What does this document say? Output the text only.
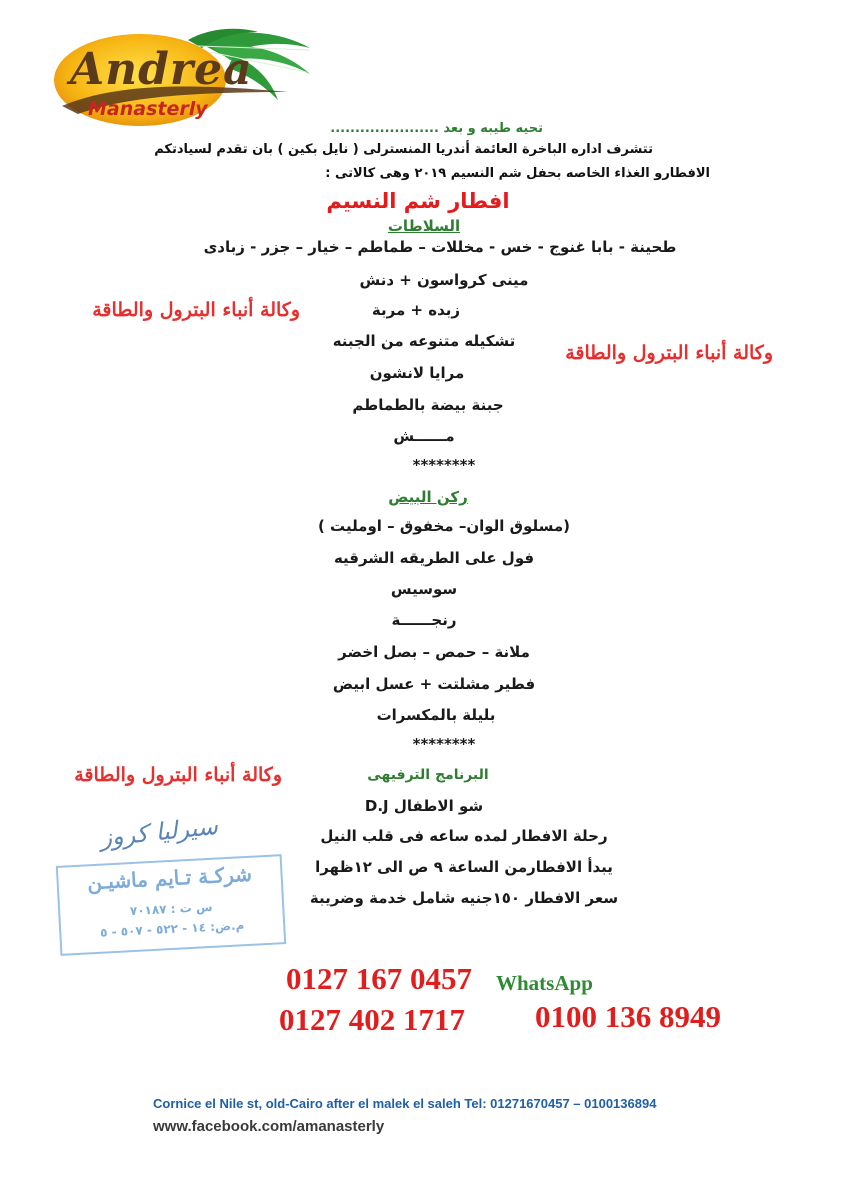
Andrea
Manasterly
تحيه طيبه و بعد ......................
تتشرف اداره الباخرة العائمة أندريا المنسترلى ( نايل بكين ) بان تقدم لسيادتكم
الافطارو الغذاء الخاصه بحفل شم النسيم ٢٠١٩ وهى كالاتى :
افطار شم النسيم
السلاطات
طحينة - بابا غنوج - خس - مخللات – طماطم – خيار – جزر - زبادى
مينى كرواسون + دنش
زبده + مربة
تشكيله متنوعه من الجبنه
مرايا لانشون
جبنة بيضة بالطماطم
مــــــش
********
ركن البيض
(مسلوق الوان– مخفوق – اومليت )
فول على الطريقه الشرقيه
سوسيس
رنجــــــة
ملانة – حمص – بصل اخضر
فطير مشلتت + عسل ابيض
بليلة بالمكسرات
********
البرنامج الترفيهى
شو الاطفال D.J
رحلة الافطار لمده ساعه فى قلب النيل
يبدأ الافطارمن الساعة ٩ ص الى ١٢ظهرا
سعر الافطار ١٥٠جنيه شامل خدمة وضريبة
وكالة أنباء البترول والطاقة
وكالة أنباء البترول والطاقة
وكالة أنباء البترول والطاقة
شركـة تـايم ماشيـن
س ت : ٧٠١٨٧
م.ض: ١٤ - ٥٢٢ - ٥٠٧ - ٥
سيرليا كروز
0127 167 0457 WhatsApp
0127 402 1717 0100 136 8949
Cornice el Nile st, old-Cairo after el malek el saleh Tel: 01271670457 – 0100136894
www.facebook.com/amanasterly
